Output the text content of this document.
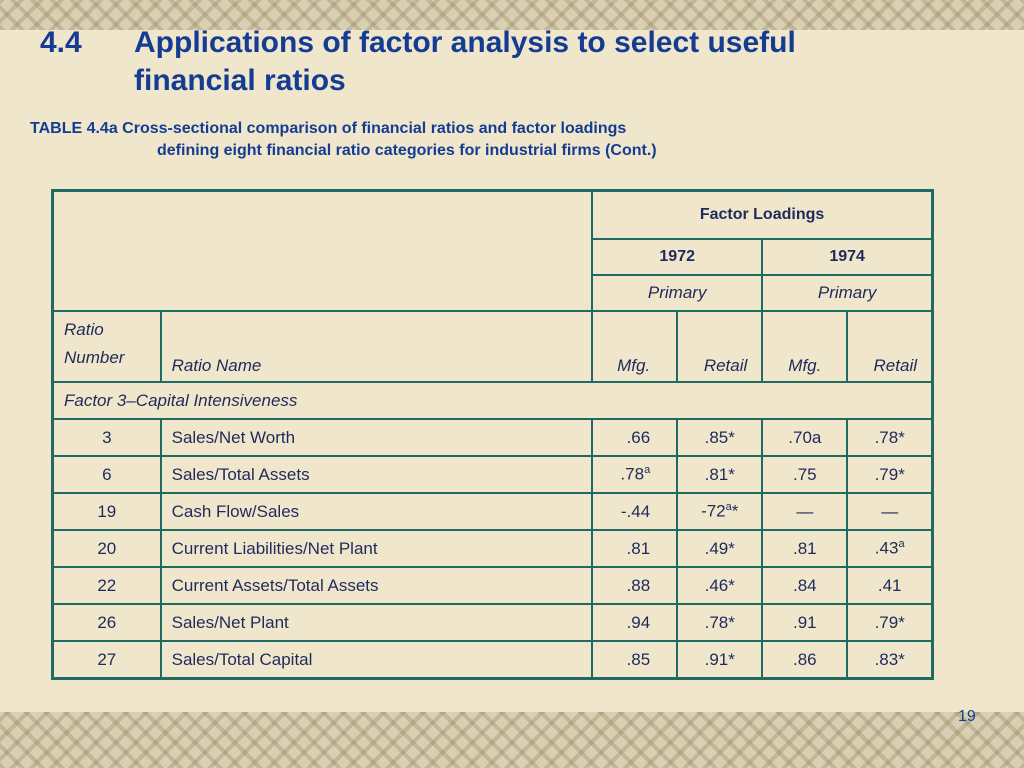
4.4 Applications of factor analysis to select useful
financial ratios
TABLE 4.4a Cross-sectional comparison of financial ratios and factor loadings
defining eight financial ratio categories for industrial firms (Cont.)
		Factor Loadings			
		1972		1974	
		Primary		Primary	

Ratio
Number	Ratio Name	Mfg.	Retail	Mfg.	Retail
Factor 3–Capital Intensiveness					
3	Sales/Net Worth	.66	.85*	.70a	.78*
6	Sales/Total Assets	.78$^a$	.81*	.75	.79*
19	Cash Flow/Sales	-.44	-72$^a$*	—	—
20	Current Liabilities/Net Plant	.81	.49*	.81	.43$^a$
22	Current Assets/Total Assets	.88	.46*	.84	.41
26	Sales/Net Plant	.94	.78*	.91	.79*
27	Sales/Total Capital	.85	.91*	.86	.83*
19
